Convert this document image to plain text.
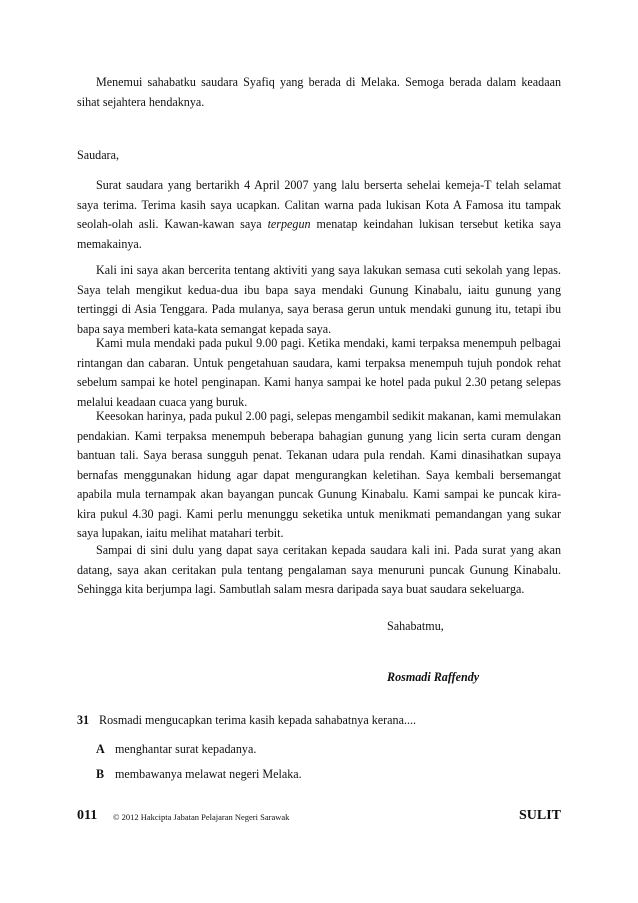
Menemui sahabatku saudara Syafiq yang berada di Melaka. Semoga berada dalam keadaan sihat sejahtera hendaknya.

Saudara,

Surat saudara yang bertarikh 4 April 2007 yang lalu berserta sehelai kemeja-T telah selamat saya terima. Terima kasih saya ucapkan. Calitan warna pada lukisan Kota A Famosa itu tampak seolah-olah asli. Kawan-kawan saya terpegun menatap keindahan lukisan tersebut ketika saya memakainya.

Kali ini saya akan bercerita tentang aktiviti yang saya lakukan semasa cuti sekolah yang lepas. Saya telah mengikut kedua-dua ibu bapa saya mendaki Gunung Kinabalu, iaitu gunung yang tertinggi di Asia Tenggara. Pada mulanya, saya berasa gerun untuk mendaki gunung itu, tetapi ibu bapa saya memberi kata-kata semangat kepada saya.

Kami mula mendaki pada pukul 9.00 pagi. Ketika mendaki, kami terpaksa menempuh pelbagai rintangan dan cabaran. Untuk pengetahuan saudara, kami terpaksa menempuh tujuh pondok rehat sebelum sampai ke hotel penginapan. Kami hanya sampai ke hotel pada pukul 2.30 petang selepas melalui keadaan cuaca yang buruk.

Keesokan harinya, pada pukul 2.00 pagi, selepas mengambil sedikit makanan, kami memulakan pendakian. Kami terpaksa menempuh beberapa bahagian gunung yang licin serta curam dengan bantuan tali. Saya berasa sungguh penat. Tekanan udara pula rendah. Kami dinasihatkan supaya bernafas menggunakan hidung agar dapat mengurangkan keletihan. Saya kembali bersemangat apabila mula ternampak akan bayangan puncak Gunung Kinabalu. Kami sampai ke puncak kira-kira pukul 4.30 pagi. Kami perlu menunggu seketika untuk menikmati pemandangan yang sukar saya lupakan, iaitu melihat matahari terbit.

Sampai di sini dulu yang dapat saya ceritakan kepada saudara kali ini. Pada surat yang akan datang, saya akan ceritakan pula tentang pengalaman saya menuruni puncak Gunung Kinabalu. Sehingga kita berjumpa lagi. Sambutlah salam mesra daripada saya buat saudara sekeluarga.

Sahabatmu,

Rosmadi Raffendy

31 Rosmadi mengucapkan terima kasih kepada sahabatnya kerana....

A menghantar surat kepadanya.

B membawanya melawat negeri Melaka.

011 © 2012 Hakcipta Jabatan Pelajaran Negeri Sarawak	SULIT
